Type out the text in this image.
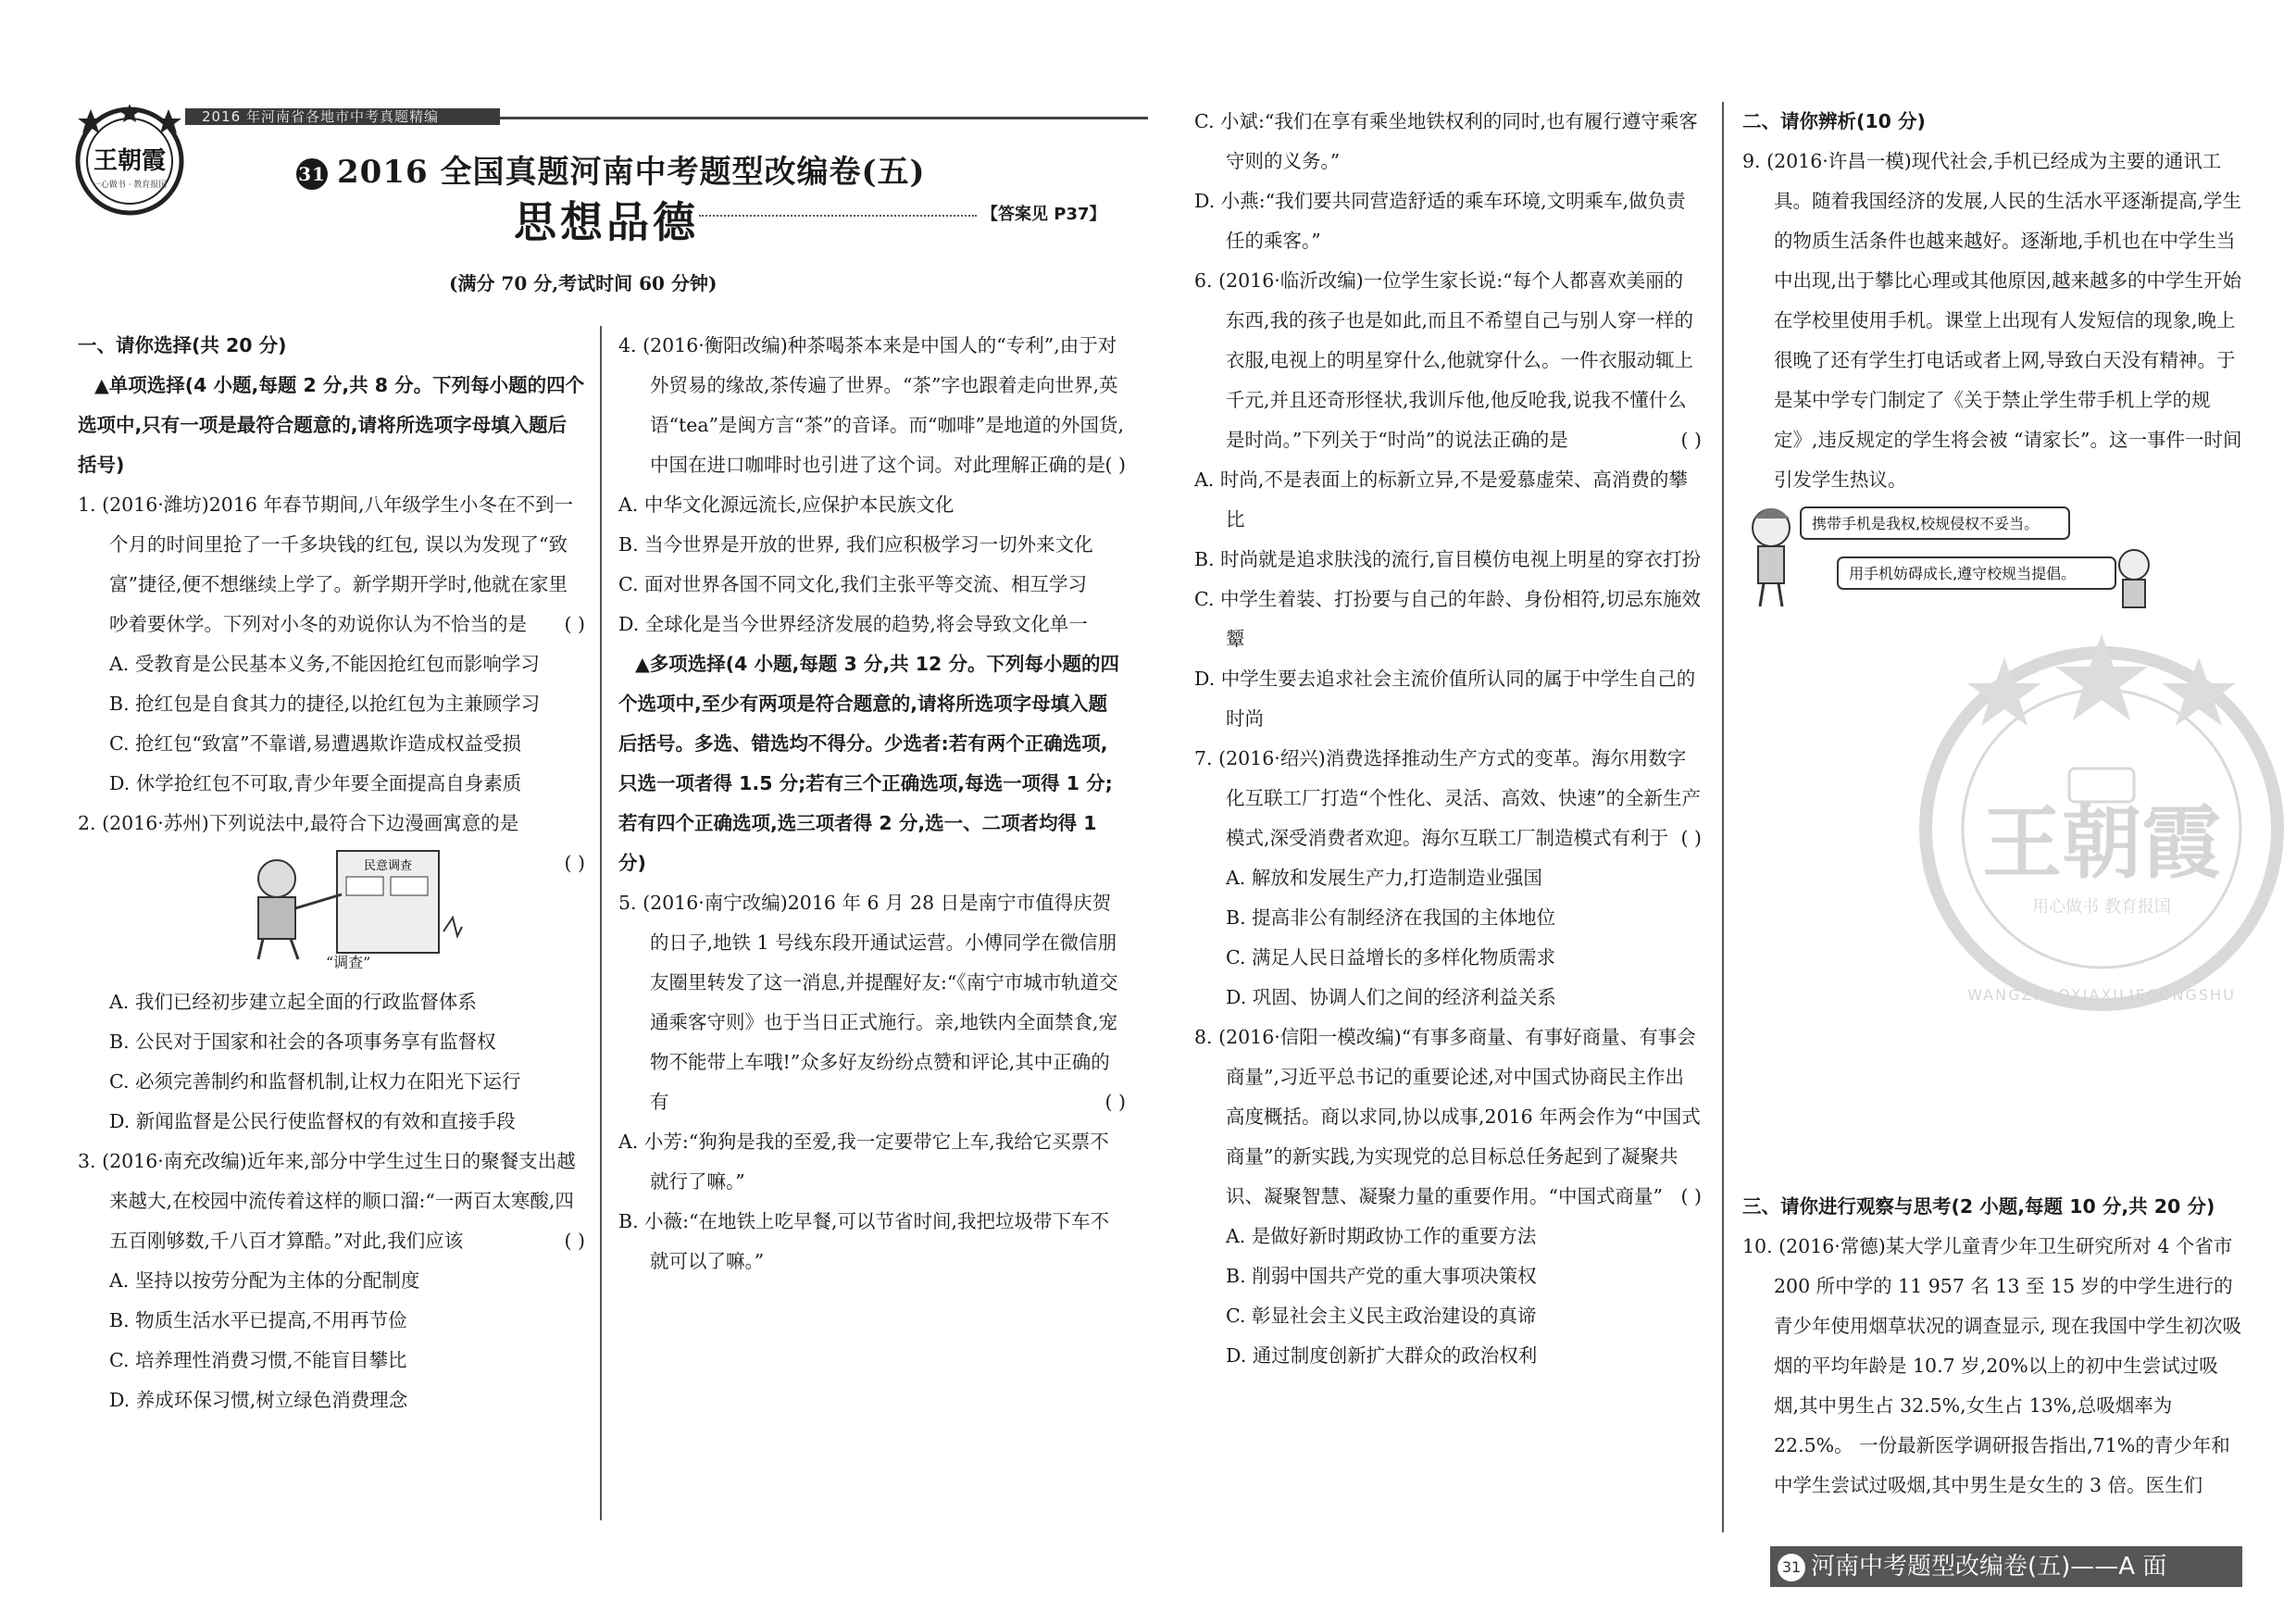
王朝霞
一心做书 · 教育报国
2016 年河南省各地市中考真题精编
31 2016 全国真题河南中考题型改编卷(五)
思想品德	【答案见 P37】
(满分 70 分,考试时间 60 分钟)

一、请你选择(共 20 分)

▲单项选择(4 小题,每题 2 分,共 8 分。下列每小题的四个选项中,只有一项是最符合题意的,请将所选项字母填入题后括号)

1. (2016·潍坊)2016 年春节期间,八年级学生小冬在不到一个月的时间里抢了一千多块钱的红包, 误以为发现了“致富”捷径,便不想继续上学了。新学期开学时,他就在家里吵着要休学。下列对小冬的劝说你认为不恰当的是	( )

A. 受教育是公民基本义务,不能因抢红包而影响学习

B. 抢红包是自食其力的捷径,以抢红包为主兼顾学习

C. 抢红包“致富”不靠谱,易遭遇欺诈造成权益受损

D. 休学抢红包不可取,青少年要全面提高自身素质

2. (2016·苏州)下列说法中,最符合下边漫画寓意的是

( )
民意调查
“调查”

A. 我们已经初步建立起全面的行政监督体系

B. 公民对于国家和社会的各项事务享有监督权

C. 必须完善制约和监督机制,让权力在阳光下运行

D. 新闻监督是公民行使监督权的有效和直接手段

3. (2016·南充改编)近年来,部分中学生过生日的聚餐支出越来越大,在校园中流传着这样的顺口溜:“一两百太寒酸,四五百刚够数,千八百才算酷。”对此,我们应该	( )

A. 坚持以按劳分配为主体的分配制度

B. 物质生活水平已提高,不用再节俭

C. 培养理性消费习惯,不能盲目攀比

D. 养成环保习惯,树立绿色消费理念

4. (2016·衡阳改编)种茶喝茶本来是中国人的“专利”,由于对外贸易的缘故,茶传遍了世界。“茶”字也跟着走向世界,英语“tea”是闽方言“茶”的音译。而“咖啡”是地道的外国货,中国在进口咖啡时也引进了这个词。对此理解正确的是 ( )

A. 中华文化源远流长,应保护本民族文化

B. 当今世界是开放的世界, 我们应积极学习一切外来文化

C. 面对世界各国不同文化,我们主张平等交流、相互学习

D. 全球化是当今世界经济发展的趋势,将会导致文化单一

▲多项选择(4 小题,每题 3 分,共 12 分。下列每小题的四个选项中,至少有两项是符合题意的,请将所选项字母填入题后括号。多选、错选均不得分。少选者:若有两个正确选项,只选一项者得 1.5 分;若有三个正确选项,每选一项得 1 分;若有四个正确选项,选三项者得 2 分,选一、二项者均得 1 分)

5. (2016·南宁改编)2016 年 6 月 28 日是南宁市值得庆贺的日子,地铁 1 号线东段开通试运营。小傅同学在微信朋友圈里转发了这一消息,并提醒好友:“《南宁市城市轨道交通乘客守则》也于当日正式施行。亲,地铁内全面禁食,宠物不能带上车哦!”众多好友纷纷点赞和评论,其中正确的有	( )

A. 小芳:“狗狗是我的至爱,我一定要带它上车,我给它买票不就行了嘛。”

B. 小薇:“在地铁上吃早餐,可以节省时间,我把垃圾带下车不就可以了嘛。”

C. 小斌:“我们在享有乘坐地铁权利的同时,也有履行遵守乘客守则的义务。”

D. 小燕:“我们要共同营造舒适的乘车环境,文明乘车,做负责任的乘客。”

6. (2016·临沂改编)一位学生家长说:“每个人都喜欢美丽的东西,我的孩子也是如此,而且不希望自己与别人穿一样的衣服,电视上的明星穿什么,他就穿什么。一件衣服动辄上千元,并且还奇形怪状,我训斥他,他反呛我,说我不懂什么是时尚。”下列关于“时尚”的说法正确的是	( )

A. 时尚,不是表面上的标新立异,不是爱慕虚荣、高消费的攀比

B. 时尚就是追求肤浅的流行,盲目模仿电视上明星的穿衣打扮

C. 中学生着装、打扮要与自己的年龄、身份相符,切忌东施效颦

D. 中学生要去追求社会主流价值所认同的属于中学生自己的时尚

7. (2016·绍兴)消费选择推动生产方式的变革。海尔用数字化互联工厂打造“个性化、灵活、高效、快速”的全新生产模式,深受消费者欢迎。海尔互联工厂制造模式有利于 ( )

A. 解放和发展生产力,打造制造业强国

B. 提高非公有制经济在我国的主体地位

C. 满足人民日益增长的多样化物质需求

D. 巩固、协调人们之间的经济利益关系

8. (2016·信阳一模改编)“有事多商量、有事好商量、有事会商量”,习近平总书记的重要论述,对中国式协商民主作出高度概括。商以求同,协以成事,2016 年两会作为“中国式商量”的新实践,为实现党的总目标总任务起到了凝聚共识、凝聚智慧、凝聚力量的重要作用。“中国式商量” ( )

A. 是做好新时期政协工作的重要方法

B. 削弱中国共产党的重大事项决策权

C. 彰显社会主义民主政治建设的真谛

D. 通过制度创新扩大群众的政治权利

王朝霞
用心做书 教育报国
WANGZHAOXIAXILIECONGSHU

二、请你辨析(10 分)

9. (2016·许昌一模)现代社会,手机已经成为主要的通讯工具。随着我国经济的发展,人民的生活水平逐渐提高,学生的物质生活条件也越来越好。逐渐地,手机也在中学生当中出现,出于攀比心理或其他原因,越来越多的中学生开始在学校里使用手机。课堂上出现有人发短信的现象,晚上很晚了还有学生打电话或者上网,导致白天没有精神。于是某中学专门制定了《关于禁止学生带手机上学的规定》,违反规定的学生将会被 “请家长”。这一事件一时间引发学生热议。

携带手机是我权,校规侵权不妥当。
用手机妨碍成长,遵守校规当提倡。

三、请你进行观察与思考(2 小题,每题 10 分,共 20 分)

10. (2016·常德)某大学儿童青少年卫生研究所对 4 个省市 200 所中学的 11 957 名 13 至 15 岁的中学生进行的青少年使用烟草状况的调查显示, 现在我国中学生初次吸烟的平均年龄是 10.7 岁,20%以上的初中生尝试过吸烟,其中男生占 32.5%,女生占 13%,总吸烟率为 22.5%。 一份最新医学调研报告指出,71%的青少年和中学生尝试过吸烟,其中男生是女生的 3 倍。医生们

31 河南中考题型改编卷(五)——A 面
